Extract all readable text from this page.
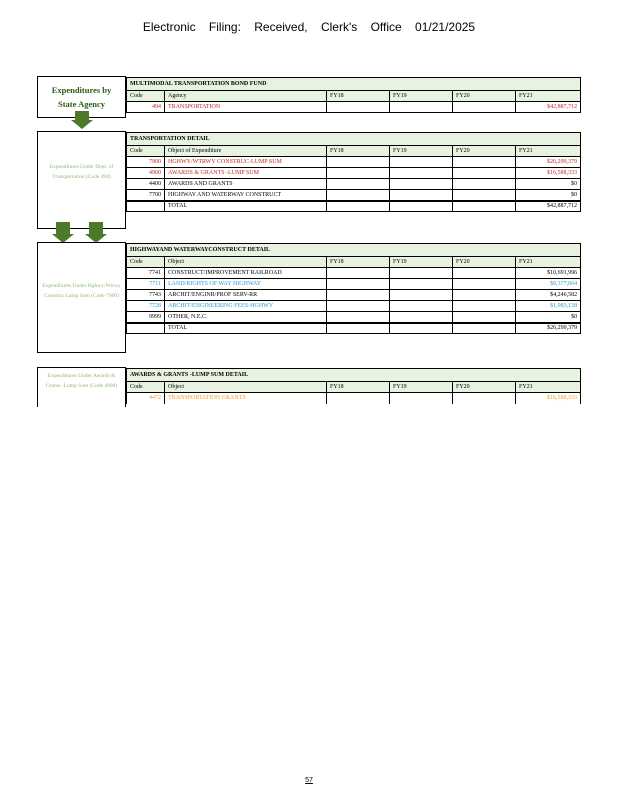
Electronic Filing: Received, Clerk's Office 01/21/2025
Expenditures by State Agency
MULTIMODAL TRANSPORTATION BOND FUND					
Code	Agency	FY18	FY19	FY20	FY21
494	TRANSPORTATION				$42,887,712
Expenditures Under Dept. of Transportation (Code 494)
TRANSPORTATION DETAIL					
Code	Object of Expenditure	FY18	FY19	FY20	FY21
7900	HGHWY/WTRWY CONSTRUC-LUMP SUM				$26,299,379
4900	AWARDS & GRANTS -LUMP SUM				$16,588,333
4400	AWARDS AND GRANTS				$0
7700	HIGHWAY AND WATERWAY CONSTRUCT				$0
	TOTAL				$42,887,712
Expenditures Under Hghwy/Wtrwy Construc Lump Sum (Code 7900)
HIGHWAYAND WATERWAYCONSTRUCT DETAIL					
Code	Object	FY18	FY19	FY20	FY21
7741	CONSTRUCT/IMPROVEMENT RAILROAD				$10,691,996
7711	LAND/RIGHTS OF WAY HIGHWAY				$9,377,664
7743	ARCHIT/ENGINR/PROF SERV-RR				$4,246,582
7728	ARCHIT/ENGINEERING FEES-HGHWY				$1,983,138
9999	OTHER, N.E.C.				$0
	TOTAL				$26,299,379
Expenditures Under Awards & Grants -Lump Sum (Code 4900)
AWARDS & GRANTS -LUMP SUM DETAIL					
Code	Object	FY18	FY19	FY20	FY21
4472	TRANSPORTATION GRANTS				$16,588,333
57
